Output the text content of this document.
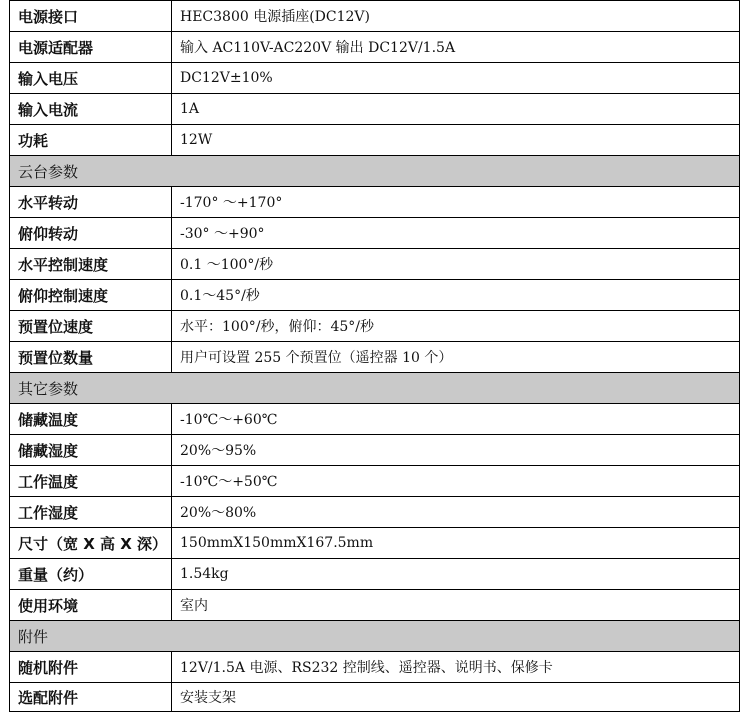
电源接口	HEC3800 电源插座(DC12V)
电源适配器	输入 AC110V-AC220V 输出 DC12V/1.5A
输入电压	DC12V±10%
输入电流	1A
功耗	12W
云台参数	
水平转动	-170° ～+170°
俯仰转动	-30° ～+90°
水平控制速度	0.1 ～100°/秒
俯仰控制速度	0.1～45°/秒
预置位速度	水平：100°/秒，俯仰：45°/秒
预置位数量	用户可设置 255 个预置位（遥控器 10 个）
其它参数	
储藏温度	-10℃～+60℃
储藏湿度	20%～95%
工作温度	-10℃～+50℃
工作湿度	20%～80%
尺寸（宽 X 高 X 深）	150mmX150mmX167.5mm
重量（约）	1.54kg
使用环境	室内
附件	
随机附件	12V/1.5A 电源、RS232 控制线、遥控器、说明书、保修卡
选配附件	安装支架
